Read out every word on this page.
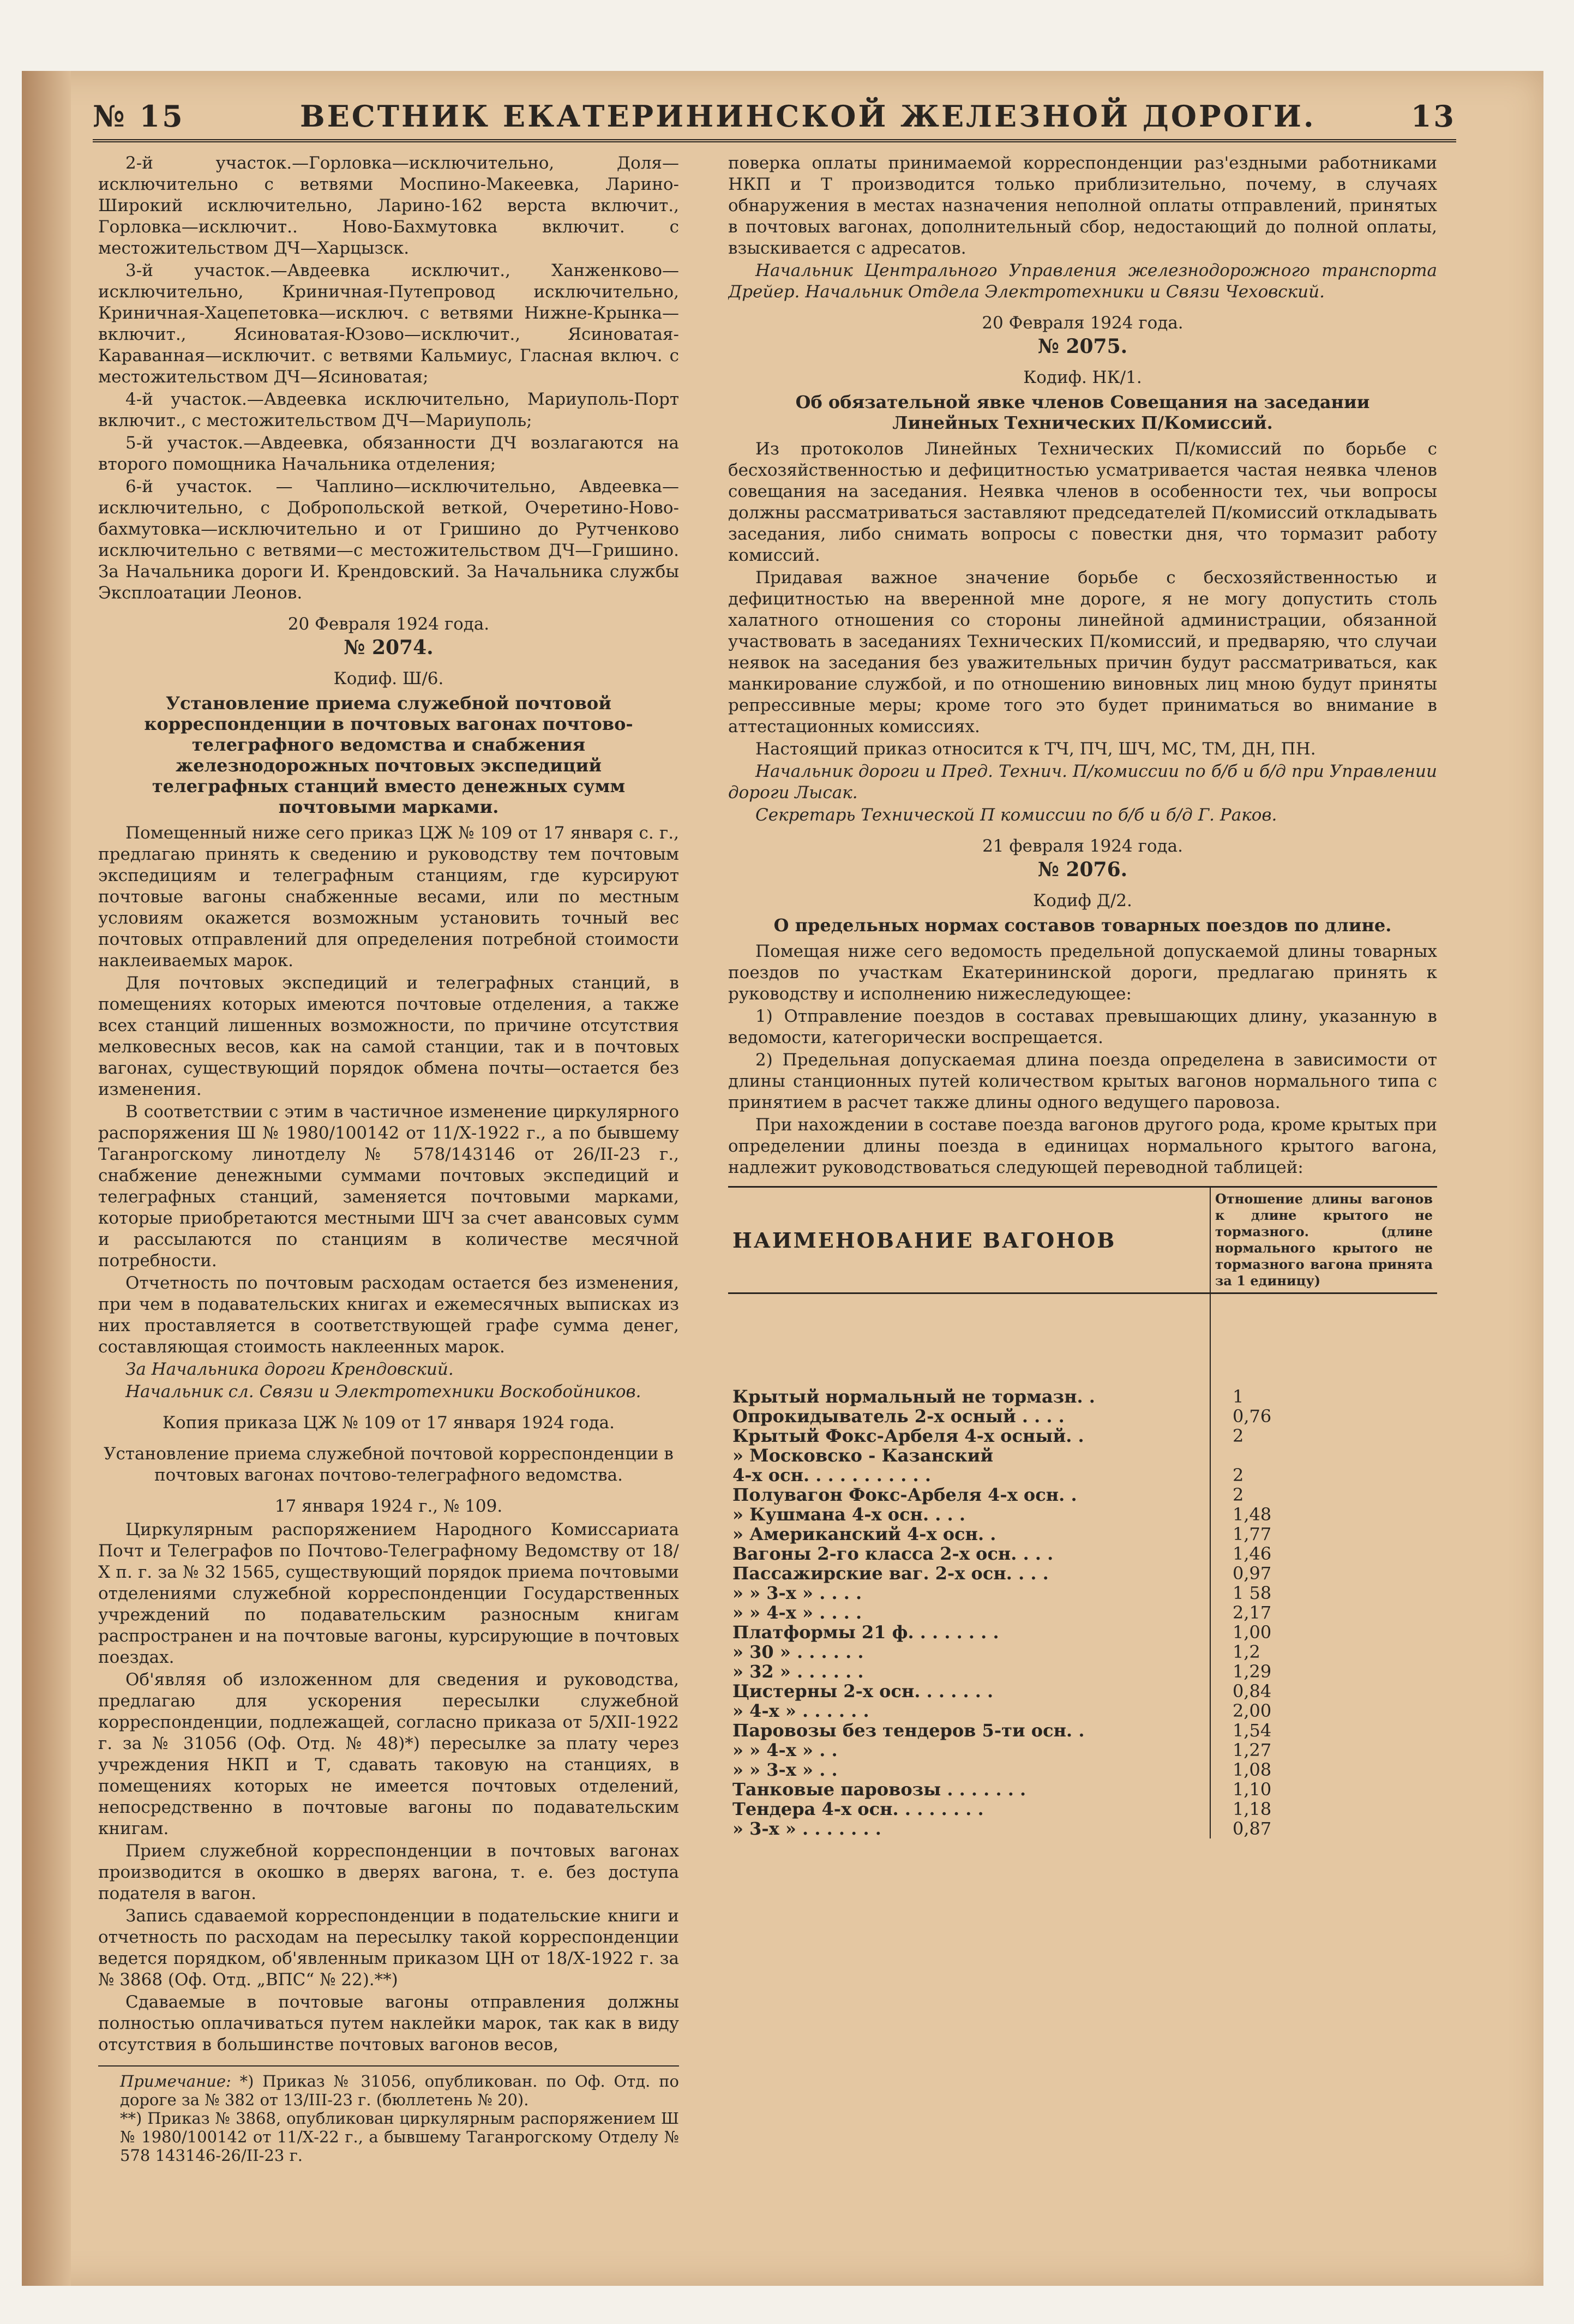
№ 15	ВЕСТНИК ЕКАТЕРИНИНСКОЙ ЖЕЛЕЗНОЙ ДОРОГИ.	13

2-й участок.—Горловка—исключительно, Доля—исключительно с ветвями Моспино-Макеевка, Ларино-Широкий исключительно, Ларино-162 верста включит., Горловка—исключит.. Ново-Бахмутовка включит. с местожительством ДЧ—Харцызск.

3-й участок.—Авдеевка исключит., Ханженково—исключительно, Криничная-Путепровод исключительно, Криничная-Хацепетовка—исключ. с ветвями Нижне-Крынка—включит., Ясиноватая-Юзово—исключит., Ясиноватая-Караванная—исключит. с ветвями Кальмиус, Гласная включ. с местожительством ДЧ—Ясиноватая;

4-й участок.—Авдеевка исключительно, Мариуполь-Порт включит., с местожительством ДЧ—Мариуполь;

5-й участок.—Авдеевка, обязанности ДЧ возлагаются на второго помощника Начальника отделения;

6-й участок. — Чаплино—исключительно, Авдеевка—исключительно, с Добропольской веткой, Очеретино-Ново-бахмутовка—исключительно и от Гришино до Рутченково исключительно с ветвями—с местожительством ДЧ—Гришино. За Начальника дороги И. Крендовский. За Начальника службы Эксплоатации Леонов.

20 Февраля 1924 года.

№ 2074.

Кодиф. Ш/6.

Установление приема служебной почтовой корреспонденции в почтовых вагонах почтово-телеграфного ведомства и снабжения железнодорожных почтовых экспедиций телеграфных станций вместо денежных сумм почтовыми марками.

Помещенный ниже сего приказ ЦЖ № 109 от 17 января с. г., предлагаю принять к сведению и руководству тем почтовым экспедициям и телеграфным станциям, где курсируют почтовые вагоны снабженные весами, или по местным условиям окажется возможным установить точный вес почтовых отправлений для определения потребной стоимости наклеиваемых марок.

Для почтовых экспедиций и телеграфных станций, в помещениях которых имеются почтовые отделения, а также всех станций лишенных возможности, по причине отсутствия мелковесных весов, как на самой станции, так и в почтовых вагонах, существующий порядок обмена почты—остается без изменения.

В соответствии с этим в частичное изменение циркулярного распоряжения Ш № 1980/100142 от 11/Х-1922 г., а по бывшему Таганрогскому линотделу № 578/143146 от 26/II-23 г., снабжение денежными суммами почтовых экспедиций и телеграфных станций, заменяется почтовыми марками, которые приобретаются местными ШЧ за счет авансовых сумм и рассылаются по станциям в количестве месячной потребности.

Отчетность по почтовым расходам остается без изменения, при чем в подавательских книгах и ежемесячных выписках из них проставляется в соответствующей графе сумма денег, составляющая стоимость наклеенных марок.

За Начальника дороги Крендовский.

Начальник сл. Связи и Электротехники Воскобойников.

Копия приказа ЦЖ № 109 от 17 января 1924 года.

Установление приема служебной почтовой корреспонденции в почтовых вагонах почтово-телеграфного ведомства.

17 января 1924 г., № 109.

Циркулярным распоряжением Народного Комиссариата Почт и Телеграфов по Почтово-Телеграфному Ведомству от 18/Х п. г. за № 32 1565, существующий порядок приема почтовыми отделениями служебной корреспонденции Государственных учреждений по подавательским разносным книгам распространен и на почтовые вагоны, курсирующие в почтовых поездах.

Об'являя об изложенном для сведения и руководства, предлагаю для ускорения пересылки служебной корреспонденции, подлежащей, согласно приказа от 5/ХII-1922 г. за № 31056 (Оф. Отд. № 48)*) пересылке за плату через учреждения НКП и Т, сдавать таковую на станциях, в помещениях которых не имеется почтовых отделений, непосредственно в почтовые вагоны по подавательским книгам.

Прием служебной корреспонденции в почтовых вагонах производится в окошко в дверях вагона, т. е. без доступа подателя в вагон.

Запись сдаваемой корреспонденции в подательские книги и отчетность по расходам на пересылку такой корреспонденции ведется порядком, об'явленным приказом ЦН от 18/Х-1922 г. за № 3868 (Оф. Отд. „ВПС“ № 22).**)

Сдаваемые в почтовые вагоны отправления должны полностью оплачиваться путем наклейки марок, так как в виду отсутствия в большинстве почтовых вагонов весов,

Примечание: *) Приказ № 31056, опубликован. по Оф. Отд. по дороге за № 382 от 13/III-23 г. (бюллетень № 20).

**) Приказ № 3868, опубликован циркулярным распоряжением Ш № 1980/100142 от 11/Х-22 г., а бывшему Таганрогскому Отделу № 578 143146-26/II-23 г.

поверка оплаты принимаемой корреспонденции раз'ездными работниками НКП и Т производится только приблизительно, почему, в случаях обнаружения в местах назначения неполной оплаты отправлений, принятых в почтовых вагонах, дополнительный сбор, недостающий до полной оплаты, взыскивается с адресатов.

Начальник Центрального Управления железнодорожного транспорта Дрейер. Начальник Отдела Электротехники и Связи Чеховский.

20 Февраля 1924 года.

№ 2075.

Кодиф. НК/1.

Об обязательной явке членов Совещания на заседании Линейных Технических П/Комиссий.

Из протоколов Линейных Технических П/комиссий по борьбе с бесхозяйственностью и дефицитностью усматривается частая неявка членов совещания на заседания. Неявка членов в особенности тех, чьи вопросы должны рассматриваться заставляют председателей П/комиссий откладывать заседания, либо снимать вопросы с повестки дня, что тормазит работу комиссий.

Придавая важное значение борьбе с бесхозяйственностью и дефицитностью на вверенной мне дороге, я не могу допустить столь халатного отношения со стороны линейной администрации, обязанной участвовать в заседаниях Технических П/комиссий, и предваряю, что случаи неявок на заседания без уважительных причин будут рассматриваться, как манкирование службой, и по отношению виновных лиц мною будут приняты репрессивные меры; кроме того это будет приниматься во внимание в аттестационных комиссиях.

Настоящий приказ относится к ТЧ, ПЧ, ШЧ, МС, ТМ, ДН, ПН.

Начальник дороги и Пред. Технич. П/комиссии по б/б и б/д при Управлении дороги Лысак.

Секретарь Технической П комиссии по б/б и б/д Г. Раков.

21 февраля 1924 года.

№ 2076.

Кодиф Д/2.

О предельных нормах составов товарных поездов по длине.

Помещая ниже сего ведомость предельной допускаемой длины товарных поездов по участкам Екатерининской дороги, предлагаю принять к руководству и исполнению нижеследующее:

1) Отправление поездов в составах превышающих длину, указанную в ведомости, категорически воспрещается.

2) Предельная допускаемая длина поезда определена в зависимости от длины станционных путей количеством крытых вагонов нормального типа с принятием в расчет также длины одного ведущего паровоза.

При нахождении в составе поезда вагонов другого рода, кроме крытых при определении длины поезда в единицах нормального крытого вагона, надлежит руководствоваться следующей переводной таблицей:

НАИМЕНОВАНИЕ ВАГОНОВ	Отношение длины вагонов к длине крытого не тормазного. (длине нормального крытого не тормазного вагона принята за 1 единицу)
Крытый нормальный не тормазн. .	1
Опрокидыватель 2-х осный . . . .	0,76
Крытый Фокс-Арбеля 4-х осный. .	2
» Московско - Казанский	
4-х осн. . . . . . . . . . .	2
Полувагон Фокс-Арбеля 4-х осн. .	2
» Кушмана 4-х осн. . . .	1,48
» Американский 4-х осн. .	1,77
Вагоны 2-го класса 2-х осн. . . .	1,46
Пассажирские ваг. 2-х осн. . . .	0,97
» » 3-х » . . . .	1 58
» » 4-х » . . . .	2,17
Платформы 21 ф. . . . . . . .	1,00
» 30 » . . . . . .	1,2
» 32 » . . . . . .	1,29
Цистерны 2-х осн. . . . . . .	0,84
» 4-х » . . . . . .	2,00
Паровозы без тендеров 5-ти осн. .	1,54
» » 4-х » . .	1,27
» » 3-х » . .	1,08
Танковые паровозы . . . . . . .	1,10
Тендера 4-х осн. . . . . . . .	1,18
» 3-х » . . . . . . .	0,87
